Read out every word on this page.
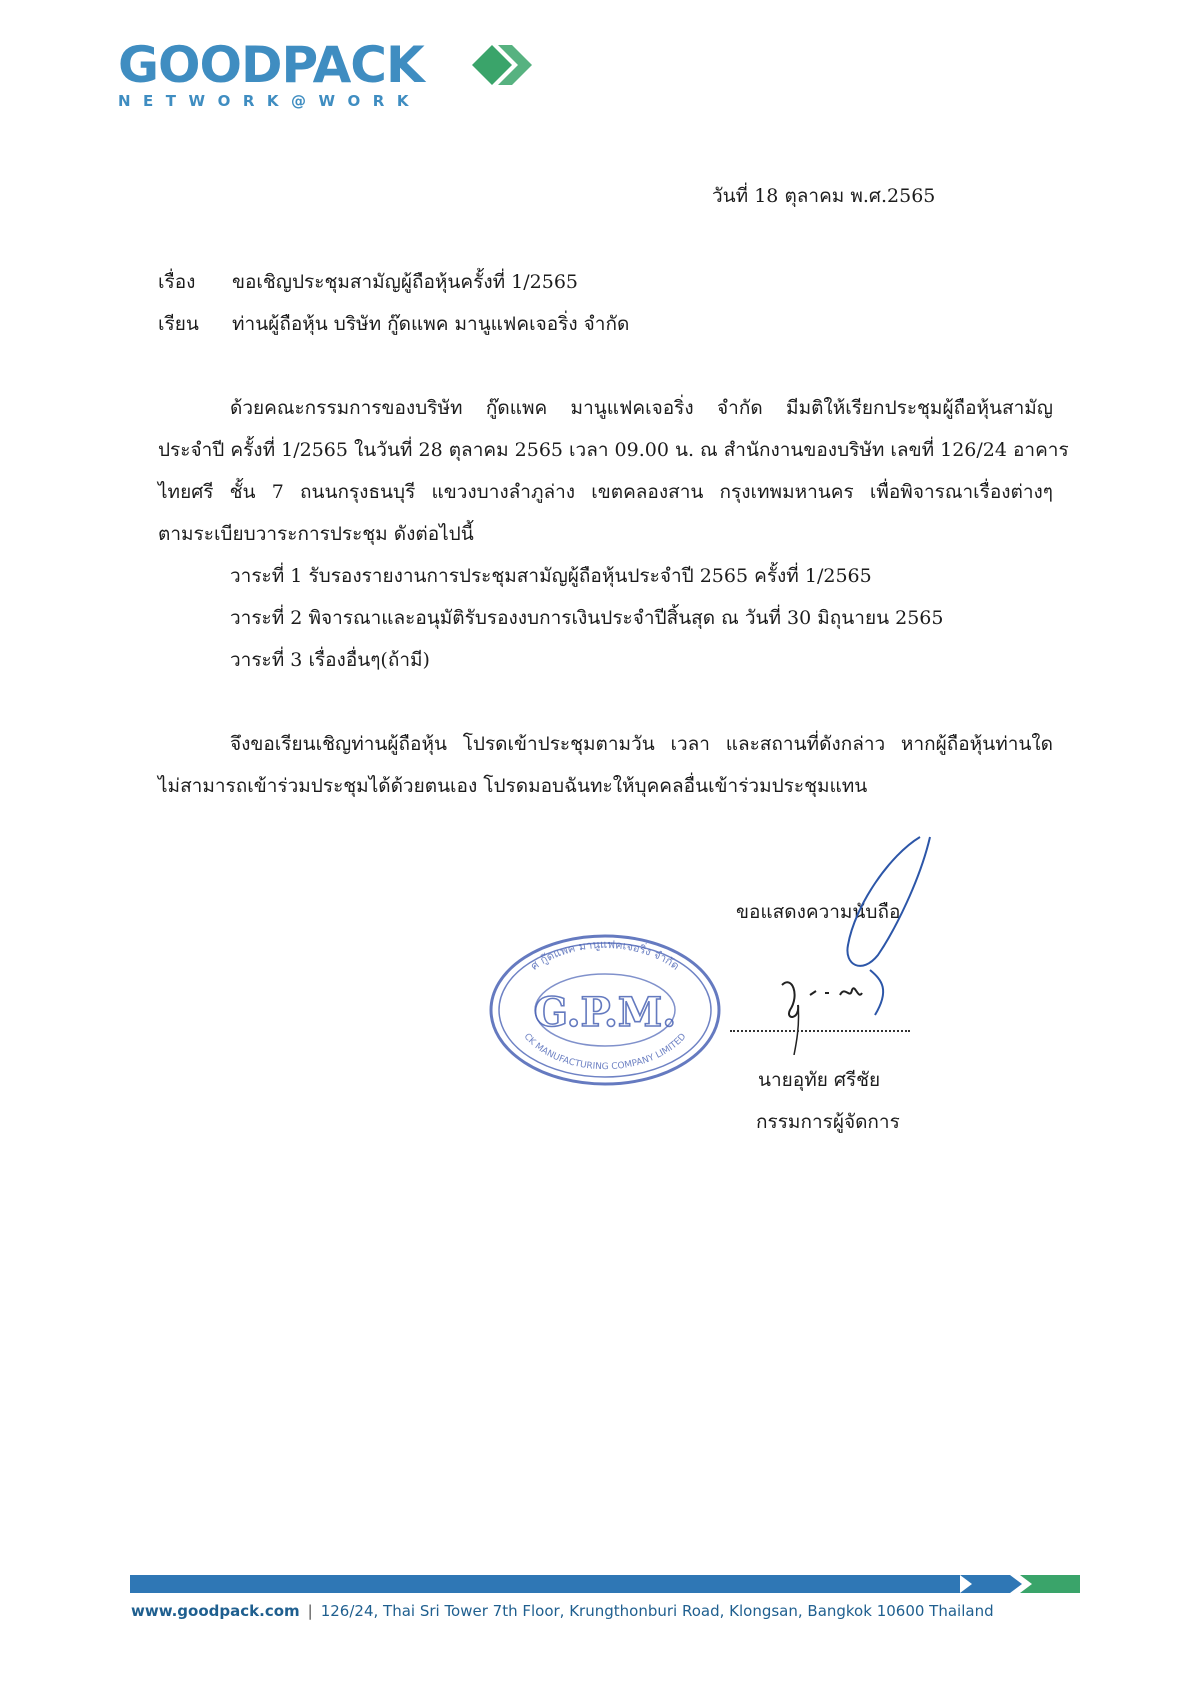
GOODPACK
NETWORK@WORK
วันที่ 18 ตุลาคม พ.ศ.2565
เรื่อง ขอเชิญประชุมสามัญผู้ถือหุ้นครั้งที่ 1/2565
เรียน ท่านผู้ถือหุ้น บริษัท กู๊ดแพค มานูแฟคเจอริ่ง จำกัด
ด้วยคณะกรรมการของบริษัท กู๊ดแพค มานูแฟคเจอริ่ง จำกัด มีมติให้เรียกประชุมผู้ถือหุ้นสามัญ
ประจำปี ครั้งที่ 1/2565 ในวันที่ 28 ตุลาคม 2565 เวลา 09.00 น. ณ สำนักงานของบริษัท เลขที่ 126/24 อาคาร
ไทยศรี ชั้น 7 ถนนกรุงธนบุรี แขวงบางลำภูล่าง เขตคลองสาน กรุงเทพมหานคร เพื่อพิจารณาเรื่องต่างๆ
ตามระเบียบวาระการประชุม ดังต่อไปนี้
วาระที่ 1 รับรองรายงานการประชุมสามัญผู้ถือหุ้นประจำปี 2565 ครั้งที่ 1/2565
วาระที่ 2 พิจารณาและอนุมัติรับรองงบการเงินประจำปีสิ้นสุด ณ วันที่ 30 มิถุนายน 2565
วาระที่ 3 เรื่องอื่นๆ(ถ้ามี)
จึงขอเรียนเชิญท่านผู้ถือหุ้น โปรดเข้าประชุมตามวัน เวลา และสถานที่ดังกล่าว หากผู้ถือหุ้นท่านใด
ไม่สามารถเข้าร่วมประชุมได้ด้วยตนเอง โปรดมอบฉันทะให้บุคคลอื่นเข้าร่วมประชุมแทน
ขอแสดงความนับถือ
นายอุทัย ศรีชัย
กรรมการผู้จัดการ
ศ กู๊ดแพค มานูแฟคเจอริ่ง จำกัด
CK MANUFACTURING COMPANY LIMITED
G.P.M.
www.goodpack.com | 126/24, Thai Sri Tower 7th Floor, Krungthonburi Road, Klongsan, Bangkok 10600 Thailand
